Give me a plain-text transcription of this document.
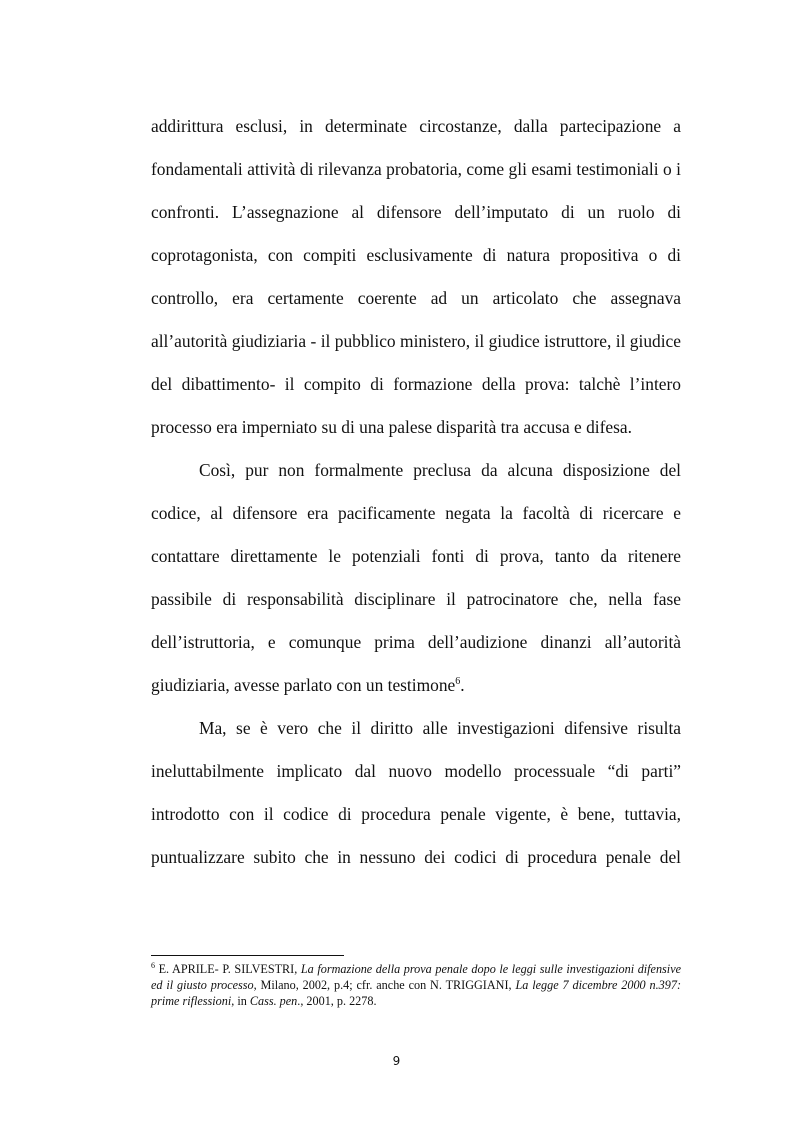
addirittura esclusi, in determinate circostanze, dalla partecipazione a fondamentali attività di rilevanza probatoria, come gli esami testimoniali o i confronti. L’assegnazione al difensore dell’imputato di un ruolo di coprotagonista, con compiti esclusivamente di natura propositiva o di controllo, era certamente coerente ad un articolato che assegnava all’autorità giudiziaria - il pubblico ministero, il giudice istruttore, il giudice del dibattimento- il compito di formazione della prova: talchè l’intero processo era imperniato su di una palese disparità tra accusa e difesa.

Così, pur non formalmente preclusa da alcuna disposizione del codice, al difensore era pacificamente negata la facoltà di ricercare e contattare direttamente le potenziali fonti di prova, tanto da ritenere passibile di responsabilità disciplinare il patrocinatore che, nella fase dell’istruttoria, e comunque prima dell’audizione dinanzi all’autorità giudiziaria, avesse parlato con un testimone$^6$.

Ma, se è vero che il diritto alle investigazioni difensive risulta ineluttabilmente implicato dal nuovo modello processuale “di parti” introdotto con il codice di procedura penale vigente, è bene, tuttavia, puntualizzare subito che in nessuno dei codici di procedura penale del

$^6$ E. APRILE- P. SILVESTRI, La formazione della prova penale dopo le leggi sulle investigazioni difensive ed il giusto processo, Milano, 2002, p.4; cfr. anche con N. TRIGGIANI, La legge 7 dicembre 2000 n.397: prime riflessioni, in Cass. pen., 2001, p. 2278.
9
